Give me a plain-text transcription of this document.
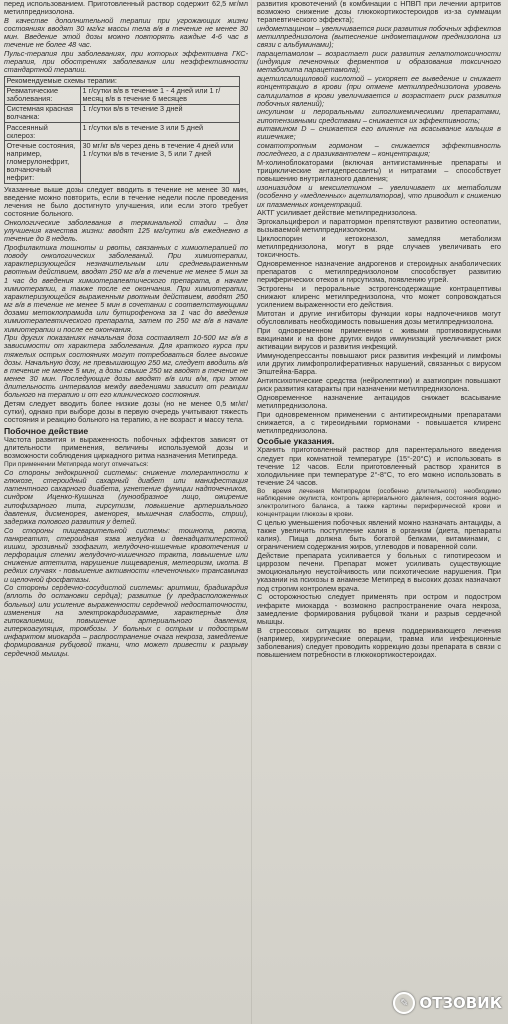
перед использованием. Приготовленный раствор содержит 62,5 мг/мл метилпреднизолона.

В качестве дополнительной терапии при угрожающих жизни состояниях вводят 30 мг/кг массы тела в/в в течение не менее 30 мин. Введение этой дозы можно повторять каждые 4-6 час в течение не более 48 час.

Пульс-терапия при заболеваниях, при которых эффективна ГКС-терапия, при обострениях заболевания или неэффективности стандартной терапии.

Рекомендуемые схемы терапии:	
Ревматические заболевания:	1 г/сутки в/в в течение 1 - 4 дней или 1 г/месяц в/в в течение 6 месяцев
Системная красная волчанка:	1 г/сутки в/в в течение 3 дней
Рассеянный склероз:	1 г/сутки в/в в течение 3 или 5 дней
Отечные состояния, например, гломерулонефрит, волчаночный нефрит:	30 мг/кг в/в через день в течение 4 дней или 1 г/сутки в/в в течение 3, 5 или 7 дней

Указанные выше дозы следует вводить в течение не менее 30 мин, введение можно повторить, если в течение недели после проведения лечения не было достигнуто улучшения, или если этого требует состояние больного.

Онкологические заболевания в терминальной стадии – для улучшения качества жизни: вводят 125 мг/сутки в/в ежедневно в течение до 8 недель.

Профилактика тошноты и рвоты, связанных с химиотерапией по поводу онкологических заболеваний. При химиотерапии, характеризующейся незначительным или средневыраженным рвотным действием, вводят 250 мг в/в в течение не менее 5 мин за 1 час до введения химиотерапевтического препарата, в начале химиотерапии, а также после ее окончания. При химиотерапии, характеризующейся выраженным рвотным действием, вводят 250 мг в/в в течение не менее 5 мин в сочетании с соответствующими дозами метоклопрамида или бутирофенона за 1 час до введения химиотерапевтического препарата, затем по 250 мг в/в в начале химиотерапии и после ее окончания.

При других показаниях начальная доза составляет 10-500 мг в/в в зависимости от характера заболевания. Для краткого курса при тяжелых острых состояниях могут потребоваться более высокие дозы. Начальную дозу, не превышающую 250 мг, следует вводить в/в в течение не менее 5 мин, а дозы свыше 250 мг вводят в течение не менее 30 мин. Последующие дозы вводят в/в или в/м, при этом длительность интервалов между введениями зависит от реакции больного на терапию и от его клинического состояния.

Детям следует вводить более низкие дозы (но не менее 0,5 мг/кг/сутки), однако при выборе дозы в первую очередь учитывают тяжесть состояния и реакцию больного на терапию, а не возраст и массу тела.

Побочное действие

Частота развития и выраженность побочных эффектов зависят от длительности применения, величины используемой дозы и возможности соблюдения циркадного ритма назначения Метипреда.

При применении Метипреда могут отмечаться:

Со стороны эндокринной системы: снижение толерантности к глюкозе, стероидный сахарный диабет или манифестация латентного сахарного диабета, угнетение функции надпочечников, синдром Иценко-Кушинга (лунообразное лицо, ожирение гипофизарного типа, гирсутизм, повышение артериального давления, дисменорея, аменорея, мышечная слабость, стрии), задержка полового развития у детей.

Со стороны пищеварительной системы: тошнота, рвота, панкреатит, стероидная язва желудка и двенадцатиперстной кишки, эрозивный эзофагит, желудочно-кишечные кровотечения и перфорация стенки желудочно-кишечного тракта, повышение или снижение аппетита, нарушение пищеварения, метеоризм, икота. В редких случаях - повышение активности «печеночных» трансаминаз и щелочной фосфатазы.

Со стороны сердечно-сосудистой системы: аритмии, брадикардия (вплоть до остановки сердца); развитие (у предрасположенных больных) или усиление выраженности сердечной недостаточности, изменения на электрокардиограмме, характерные для гипокалиемии, повышение артериального давления, гиперкоагуляция, тромбозы. У больных с острым и подострым инфарктом миокарда – распространение очага некроза, замедление формирования рубцовой ткани, что может привести к разрыву сердечной мышцы.

развития кровотечений (в комбинации с НПВП при лечении артритов возможно снижение дозы глюкокортикостероидов из-за суммации терапевтического эффекта);

индометацином – увеличивается риск развития побочных эффектов метилпреднизолона (вытеснение индометацином преднизолона из связи с альбуминами);

парацетамолом – возрастает риск развития гепатотоксичности (индукция печеночных ферментов и образования токсичного метаболита парацетамола);

ацетилсалициловой кислотой – ускоряет ее выведение и снижает концентрацию в крови (при отмене метилпреднизолона уровень салицилатов в крови увеличивается и возрастает риск развития побочных явлений);

инсулином и пероральными гипогликемическими препаратами, гипотензивными средствами – снижается их эффективность;

витамином D – снижается его влияние на всасывание кальция в кишечнике;

соматотропным гормоном – снижается эффективность последнего, а с празиквантелем – концентрация;

М-холиноблокаторами (включая антигистаминные препараты и трициклические антидепрессанты) и нитратами – способствует повышению внутриглазного давления;

изониазидом и мексилетином – увеличивает их метаболизм (особенно у «медленных» ацетиляторов), что приводит к снижению их плазменных концентраций.

АКТГ усиливает действие метилпреднизолона.

Эргокальциферол и паратгормон препятствуют развитию остеопатии, вызываемой метилпреднизолоном.

Циклоспорин и кетоконазол, замедляя метаболизм метилпреднизолона, могут в ряде случаев увеличивать его токсичность.

Одновременное назначение андрогенов и стероидных анаболических препаратов с метилпреднизолоном способствует развитию периферических отеков и гирсутизма, появлению угрей.

Эстрогены и пероральные эстрогенсодержащие контрацептивы снижают клиренс метилпреднизолона, что может сопровождаться усилением выраженности его действия.

Митотан и другие ингибиторы функции коры надпочечников могут обусловливать необходимость повышения дозы метилпреднизолона.

При одновременном применении с живыми противовирусными вакцинами и на фоне других видов иммунизаций увеличивает риск активации вирусов и развития инфекций.

Иммунодепрессанты повышают риск развития инфекций и лимфомы или других лимфопролиферативных нарушений, связанных с вирусом Эпштейна-Барра.

Антипсихотические средства (нейролептики) и азатиоприн повышают риск развития катаракты при назначении метилпреднизолона.

Одновременное назначение антацидов снижает всасывание метилпреднизолона.

При одновременном применении с антитиреоидными препаратами снижается, а с тиреоидными гормонами - повышается клиренс метилпреднизолона.

Особые указания.

Хранить приготовленный раствор для парентерального введения следует при комнатной температуре (15°-20°С) и использовать в течение 12 часов. Если приготовленный раствор хранится в холодильнике при температуре 2°-8°С, то его можно использовать в течение 24 часов.

Во время лечения Метипредом (особенно длительного) необходимо наблюдение окулиста, контроль артериального давления, состояния водно-электролитного баланса, а также картины периферической крови и концентрации глюкозы в крови.

С целью уменьшения побочных явлений можно назначать антациды, а также увеличить поступление калия в организм (диета, препараты калия). Пища должна быть богатой белками, витаминами, с ограничением содержания жиров, углеводов и поваренной соли.

Действие препарата усиливается у больных с гипотиреозом и циррозом печени. Препарат может усиливать существующие эмоциональную неустойчивость или психотические нарушения. При указании на психозы в анамнезе Метипред в высоких дозах назначают под строгим контролем врача.

С осторожностью следует применять при остром и подостром инфаркте миокарда - возможно распространение очага некроза, замедление формирования рубцовой ткани и разрыв сердечной мышцы.

В стрессовых ситуациях во время поддерживающего лечения (например, хирургические операции, травма или инфекционные заболевания) следует проводить коррекцию дозы препарата в связи с повышением потребности в глюкокортикостероидах.

✎ ОТЗОВИК
